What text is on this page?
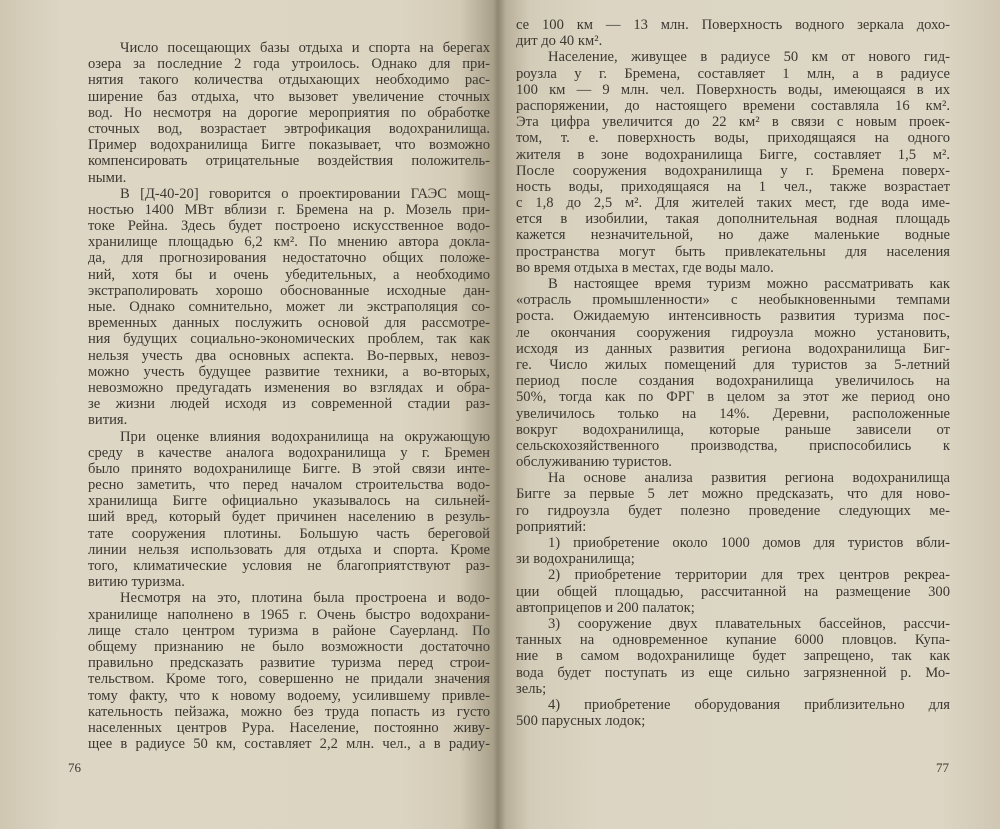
Число посещающих базы отдыха и спорта на берегах
озера за последние 2 года утроилось. Однако для при-
нятия такого количества отдыхающих необходимо рас-
ширение баз отдыха, что вызовет увеличение сточных
вод. Но несмотря на дорогие мероприятия по обработке
сточных вод, возрастает эвтрофикация водохранилища.
Пример водохранилища Бигге показывает, что возможно
компенсировать отрицательные воздействия положитель-
ными.
В [Д-40-20] говорится о проектировании ГАЭС мощ-
ностью 1400 МВт вблизи г. Бремена на р. Мозель при-
токе Рейна. Здесь будет построено искусственное водо-
хранилище площадью 6,2 км². По мнению автора докла-
да, для прогнозирования недостаточно общих положе-
ний, хотя бы и очень убедительных, а необходимо
экстраполировать хорошо обоснованные исходные дан-
ные. Однако сомнительно, может ли экстраполяция со-
временных данных послужить основой для рассмотре-
ния будущих социально-экономических проблем, так как
нельзя учесть два основных аспекта. Во-первых, невоз-
можно учесть будущее развитие техники, а во-вторых,
невозможно предугадать изменения во взглядах и обра-
зе жизни людей исходя из современной стадии раз-
вития.
При оценке влияния водохранилища на окружающую
среду в качестве аналога водохранилища у г. Бремен
было принято водохранилище Бигге. В этой связи инте-
ресно заметить, что перед началом строительства водо-
хранилища Бигге официально указывалось на сильней-
ший вред, который будет причинен населению в резуль-
тате сооружения плотины. Большую часть береговой
линии нельзя использовать для отдыха и спорта. Кроме
того, климатические условия не благоприятствуют раз-
витию туризма.
Несмотря на это, плотина была простроена и водо-
хранилище наполнено в 1965 г. Очень быстро водохрани-
лище стало центром туризма в районе Сауерланд. По
общему признанию не было возможности достаточно
правильно предсказать развитие туризма перед строи-
тельством. Кроме того, совершенно не придали значения
тому факту, что к новому водоему, усилившему привле-
кательность пейзажа, можно без труда попасть из густо
населенных центров Рура. Население, постоянно живу-
щее в радиусе 50 км, составляет 2,2 млн. чел., а в радиу-
се 100 км — 13 млн. Поверхность водного зеркала дохо-
дит до 40 км².
Население, живущее в радиусе 50 км от нового гид-
роузла у г. Бремена, составляет 1 млн, а в радиусе
100 км — 9 млн. чел. Поверхность воды, имеющаяся в их
распоряжении, до настоящего времени составляла 16 км².
Эта цифра увеличится до 22 км² в связи с новым проек-
том, т. е. поверхность воды, приходящаяся на одного
жителя в зоне водохранилища Бигге, составляет 1,5 м².
После сооружения водохранилища у г. Бремена поверх-
ность воды, приходящаяся на 1 чел., также возрастает
с 1,8 до 2,5 м². Для жителей таких мест, где вода име-
ется в изобилии, такая дополнительная водная площадь
кажется незначительной, но даже маленькие водные
пространства могут быть привлекательны для населения
во время отдыха в местах, где воды мало.
В настоящее время туризм можно рассматривать как
«отрасль промышленности» с необыкновенными темпами
роста. Ожидаемую интенсивность развития туризма пос-
ле окончания сооружения гидроузла можно установить,
исходя из данных развития региона водохранилища Биг-
ге. Число жилых помещений для туристов за 5-летний
период после создания водохранилища увеличилось на
50%, тогда как по ФРГ в целом за этот же период оно
увеличилось только на 14%. Деревни, расположенные
вокруг водохранилища, которые раньше зависели от
сельскохозяйственного производства, приспособились к
обслуживанию туристов.
На основе анализа развития региона водохранилища
Бигге за первые 5 лет можно предсказать, что для ново-
го гидроузла будет полезно проведение следующих ме-
роприятий:
1) приобретение около 1000 домов для туристов вбли-
зи водохранилища;
2) приобретение территории для трех центров рекреа-
ции общей площадью, рассчитанной на размещение 300
автоприцепов и 200 палаток;
3) сооружение двух плавательных бассейнов, рассчи-
танных на одновременное купание 6000 пловцов. Купа-
ние в самом водохранилище будет запрещено, так как
вода будет поступать из еще сильно загрязненной р. Мо-
зель;
4) приобретение оборудования приблизительно для
500 парусных лодок;
76	77
